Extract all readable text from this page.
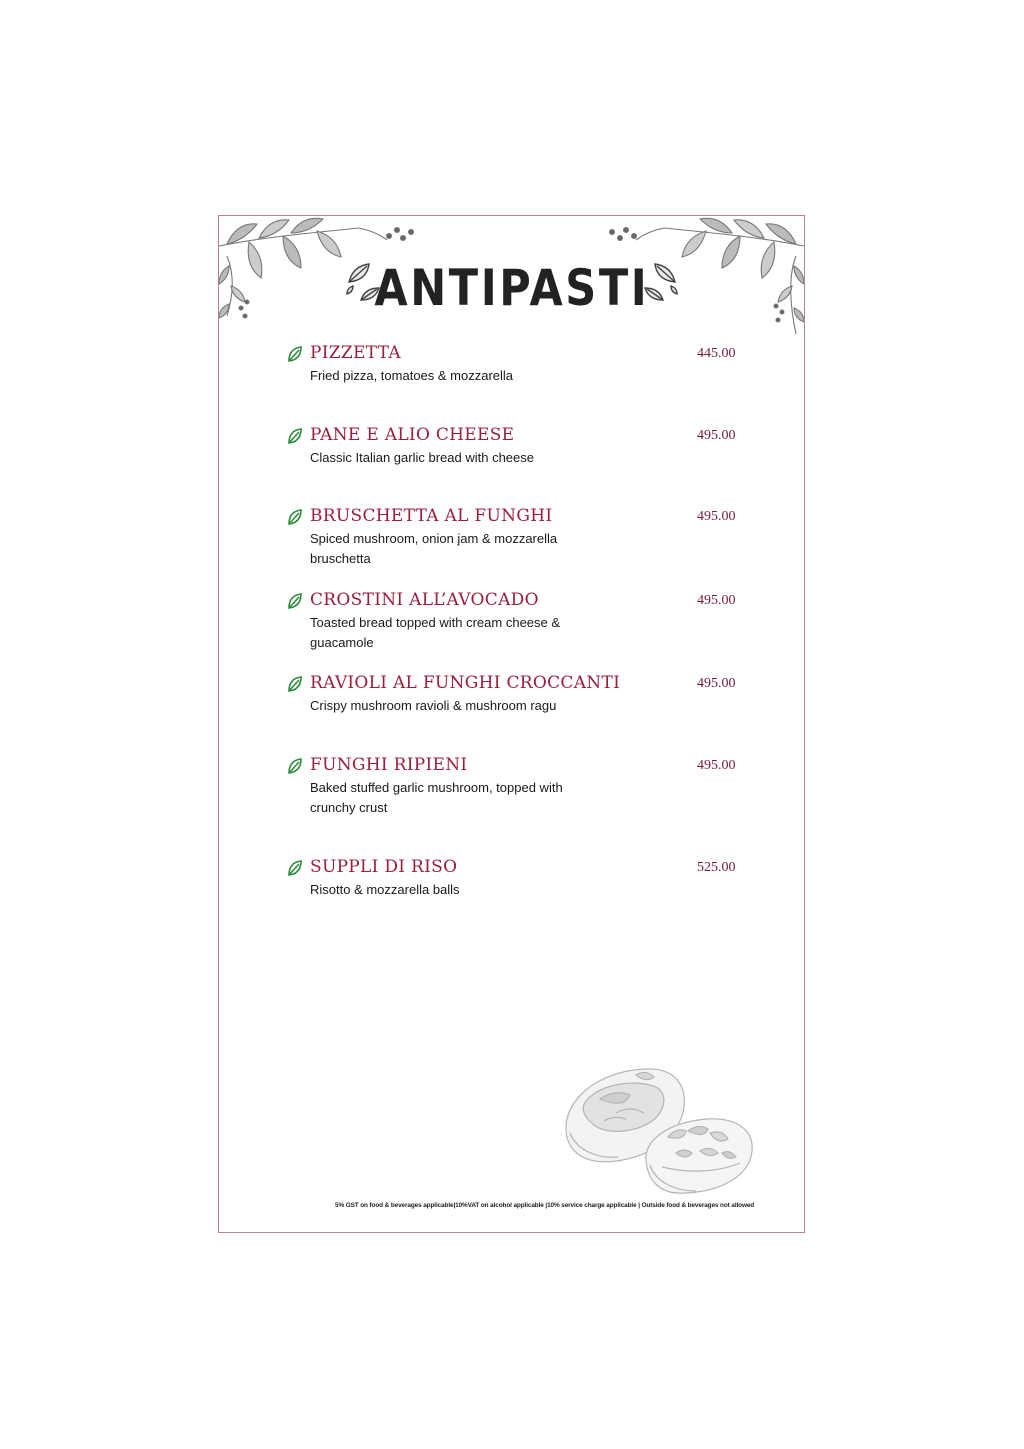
ANTIPASTI
PIZZETTA	445.00
Fried pizza, tomatoes & mozzarella
PANE E ALIO CHEESE	495.00
Classic Italian garlic bread with cheese
BRUSCHETTA AL FUNGHI	495.00
Spiced mushroom, onion jam & mozzarella bruschetta
CROSTINI ALL’AVOCADO	495.00
Toasted bread topped with cream cheese & guacamole
RAVIOLI AL FUNGHI CROCCANTI	495.00
Crispy mushroom ravioli & mushroom ragu
FUNGHI RIPIENI	495.00
Baked stuffed garlic mushroom, topped with crunchy crust
SUPPLI DI RISO	525.00
Risotto & mozzarella balls
5% GST on food & beverages applicable|10%VAT on alcohol applicable |10% service charge applicable | Outside food & beverages not allowed
